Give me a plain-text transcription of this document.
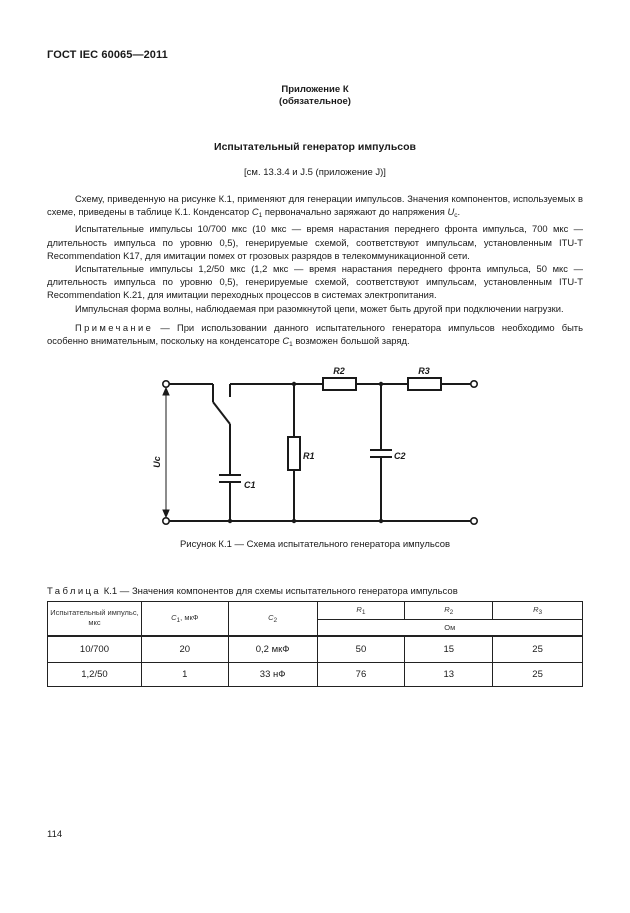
ГОСТ IEC 60065—2011
Приложение К
(обязательное)
Испытательный генератор импульсов
[см. 13.3.4 и J.5 (приложение J)]

Схему, приведенную на рисунке К.1, применяют для генерации импульсов. Значения компонентов, используемых в схеме, приведены в таблице К.1. Конденсатор $C_1$ первоначально заряжают до напряжения $U_c$.

Испытательные импульсы 10/700 мкс (10 мкс — время нарастания переднего фронта импульса, 700 мкс — длительность импульса по уровню 0,5), генерируемые схемой, соответствуют импульсам, установленным ITU-T Recommendation K17, для имитации помех от грозовых разрядов в телекоммуникационной сети.

Испытательные импульсы 1,2/50 мкс (1,2 мкс — время нарастания переднего фронта импульса, 50 мкс — длительность импульса по уровню 0,5), генерируемые схемой, соответствуют импульсам, установленным ITU-T Recommendation K.21, для имитации переходных процессов в системах электропитания.

Импульсная форма волны, наблюдаемая при разомкнутой цепи, может быть другой при подключении нагрузки.

Примечание — При использовании данного испытательного генератора импульсов необходимо быть особенно внимательным, поскольку на конденсаторе $C_1$ возможен большой заряд.

R2	R3
R1
C1
C2
Uc
Рисунок К.1 — Схема испытательного генератора импульсов
Таблица К.1 — Значения компонентов для схемы испытательного генератора импульсов
Испытательный импульс, мкс	$C_1$, мкФ	$C_2$	$R_1$	$R_2$	$R_3$
			Ом		
10/700	20	0,2 мкФ	50	15	25
1,2/50	1	33 нФ	76	13	25
114
